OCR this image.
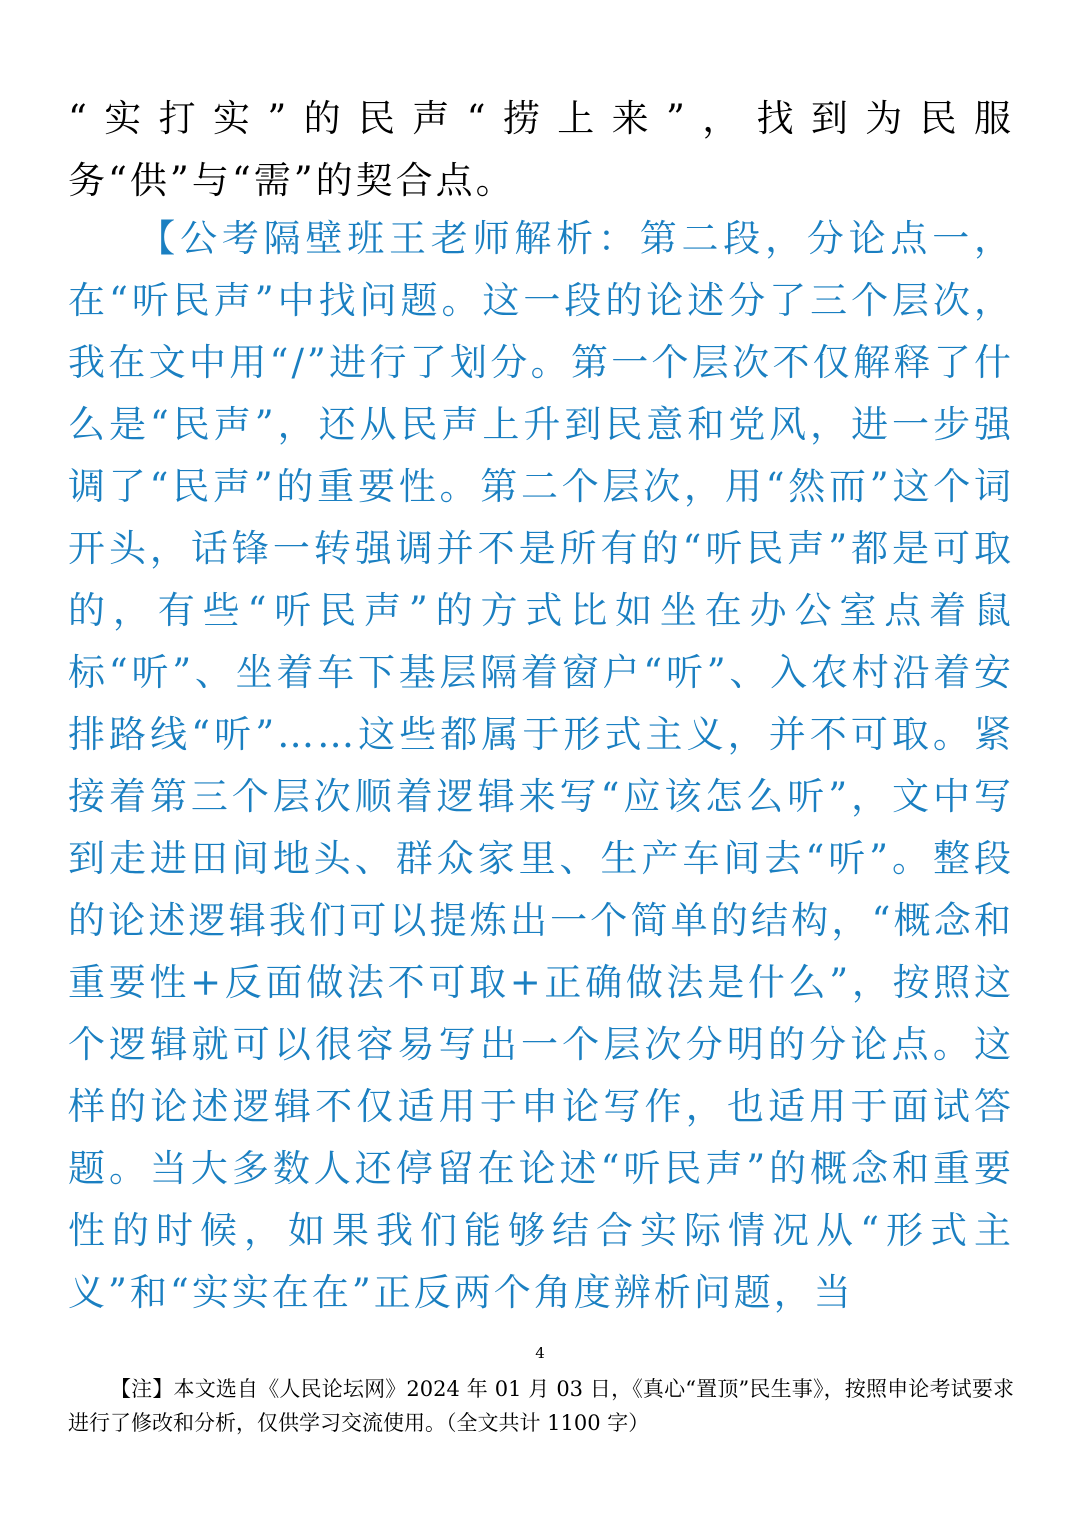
“实打实”的民声“捞上来”，找到为民服务“供”与“需”的契合点。

【公考隔壁班王老师解析：第二段，分论点一，在“听民声”中找问题。这一段的论述分了三个层次，我在文中用“/”进行了划分。第一个层次不仅解释了什么是“民声”，还从民声上升到民意和党风，进一步强调了“民声”的重要性。第二个层次，用“然而”这个词开头，话锋一转强调并不是所有的“听民声”都是可取的，有些“听民声”的方式比如坐在办公室点着鼠标“听”、坐着车下基层隔着窗户“听”、入农村沿着安排路线“听”……这些都属于形式主义，并不可取。紧接着第三个层次顺着逻辑来写“应该怎么听”，文中写到走进田间地头、群众家里、生产车间去“听”。整段的论述逻辑我们可以提炼出一个简单的结构，“概念和重要性+反面做法不可取+正确做法是什么”，按照这个逻辑就可以很容易写出一个层次分明的分论点。这样的论述逻辑不仅适用于申论写作，也适用于面试答题。当大多数人还停留在论述“听民声”的概念和重要性的时候，如果我们能够结合实际情况从“形式主义”和“实实在在”正反两个角度辨析问题，当

4

【注】本文选自《人民论坛网》2024 年 01 月 03 日，《真心“置顶”民生事》，按照申论考试要求进行了修改和分析，仅供学习交流使用。（全文共计 1100 字）
